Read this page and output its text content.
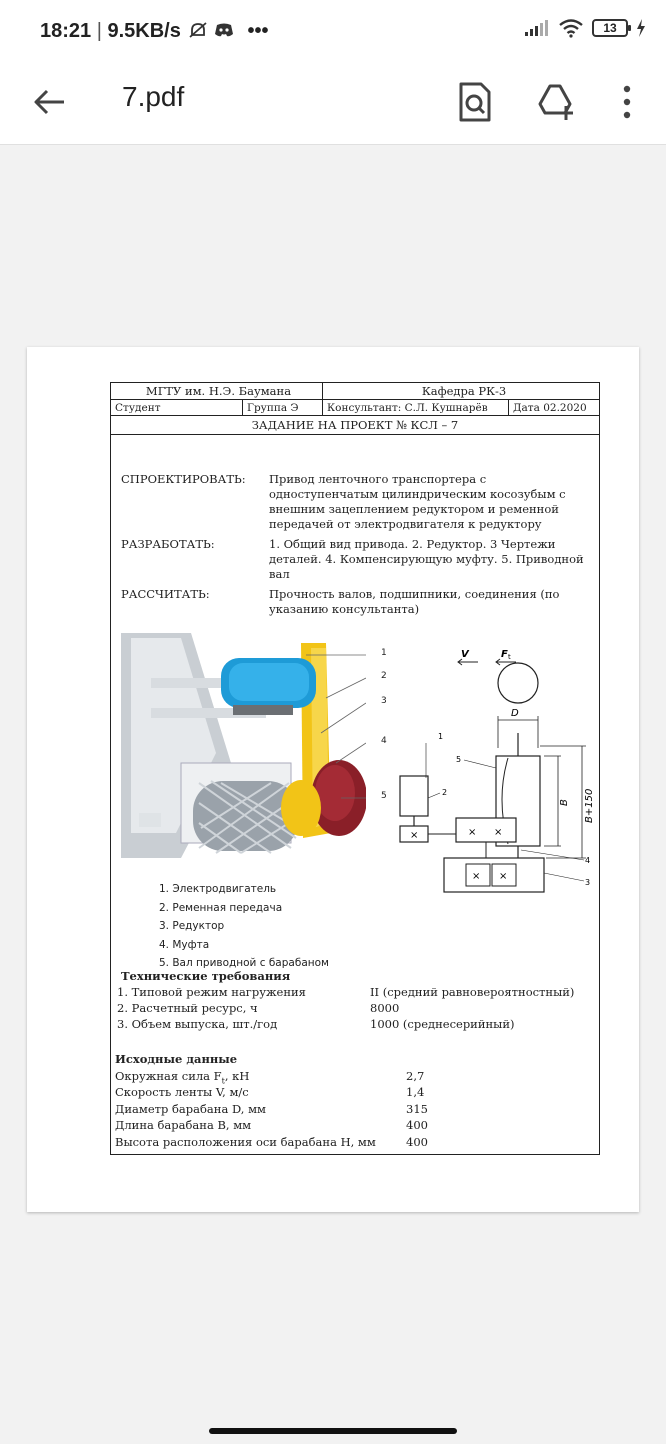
18:21 | 9.5KB/s	•••	13
7.pdf
МГТУ им. Н.Э. Баумана	Кафедра РК-3
Студент	Группа Э	Консультант: С.Л. Кушнарёв	Дата 02.2020
ЗАДАНИЕ НА ПРОЕКТ № КСЛ – 7
СПРОЕКТИРОВАТЬ:	Привод ленточного транспортера с
одноступенчатым цилиндрическим косозубым с
внешним зацеплением редуктором и ременной
передачей от электродвигателя к редуктору
РАЗРАБОТАТЬ:	1. Общий вид привода. 2. Редуктор. 3 Чертежи
деталей. 4. Компенсирующую муфту. 5. Приводной
вал
РАССЧИТАТЬ:	Прочность валов, подшипники, соединения (по
указанию консультанта)
1
2
3
4
5
V	F t
D
B B+150
×	× ×
× ×
1
2
5
4
3
1. Электродвигатель
2. Ременная передача
3. Редуктор
4. Муфта
5. Вал приводной с барабаном
Технические требования
1. Типовой режим нагружения	II (средний равновероятностный)
2. Расчетный ресурс, ч	8000
3. Объем выпуска, шт./год	1000 (среднесерийный)
Исходные данные
Окружная сила $F_t$, кН	2,7
Скорость ленты V, м/с	1,4
Диаметр барабана D, мм	315
Длина барабана B, мм	400
Высота расположения оси барабана H, мм	400
